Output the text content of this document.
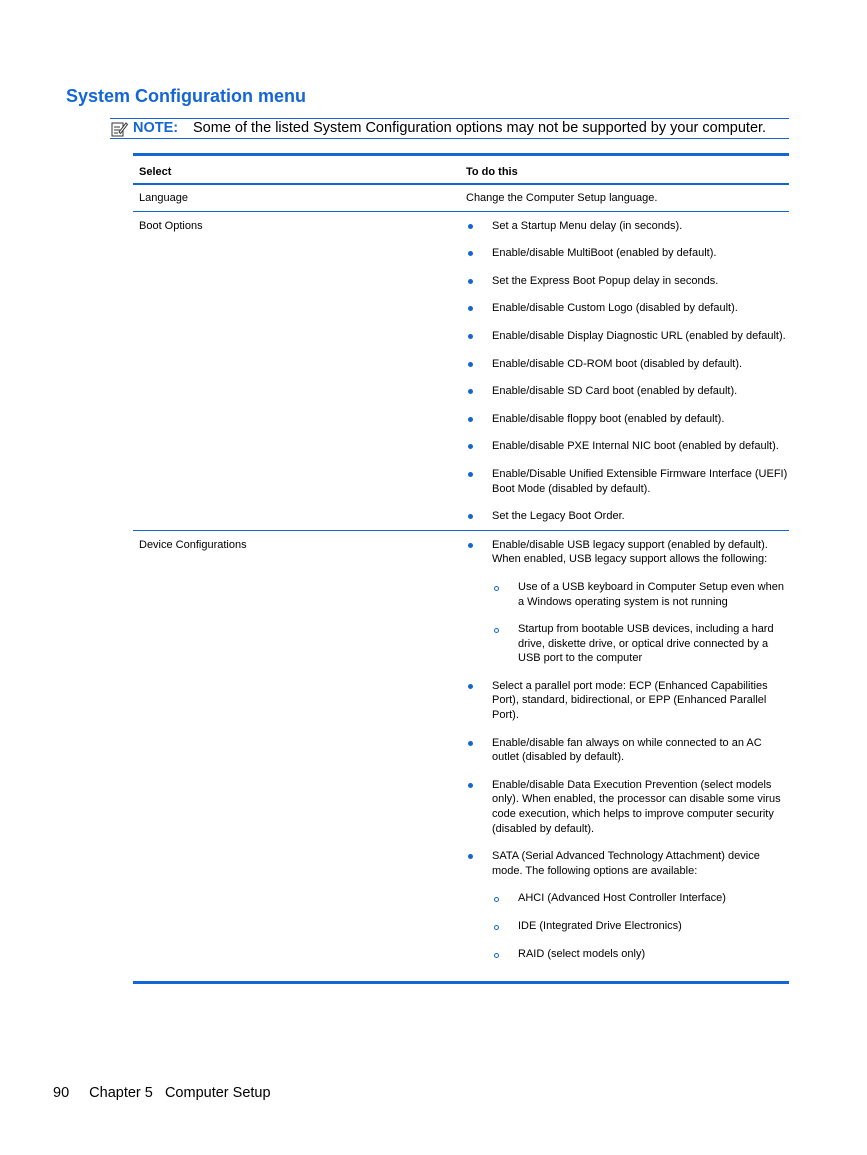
System Configuration menu
NOTE: Some of the listed System Configuration options may not be supported by your computer.
Select	To do this
Language	Change the Computer Setup language.
Boot Options	Set a Startup Menu delay (in seconds).
Enable/disable MultiBoot (enabled by default).
Set the Express Boot Popup delay in seconds.
Enable/disable Custom Logo (disabled by default).
Enable/disable Display Diagnostic URL (enabled by default).
Enable/disable CD-ROM boot (disabled by default).
Enable/disable SD Card boot (enabled by default).
Enable/disable floppy boot (enabled by default).
Enable/disable PXE Internal NIC boot (enabled by default).
Enable/Disable Unified Extensible Firmware Interface (UEFI) Boot Mode (disabled by default).
Set the Legacy Boot Order.
Device Configurations	Enable/disable USB legacy support (enabled by default). When enabled, USB legacy support allows the following:
Use of a USB keyboard in Computer Setup even when a Windows operating system is not running
Startup from bootable USB devices, including a hard drive, diskette drive, or optical drive connected by a USB port to the computer
Select a parallel port mode: ECP (Enhanced Capabilities Port), standard, bidirectional, or EPP (Enhanced Parallel Port).
Enable/disable fan always on while connected to an AC outlet (disabled by default).
Enable/disable Data Execution Prevention (select models only). When enabled, the processor can disable some virus code execution, which helps to improve computer security (disabled by default).
SATA (Serial Advanced Technology Attachment) device mode. The following options are available:
AHCI (Advanced Host Controller Interface)
IDE (Integrated Drive Electronics)
RAID (select models only)
90 Chapter 5 Computer Setup
